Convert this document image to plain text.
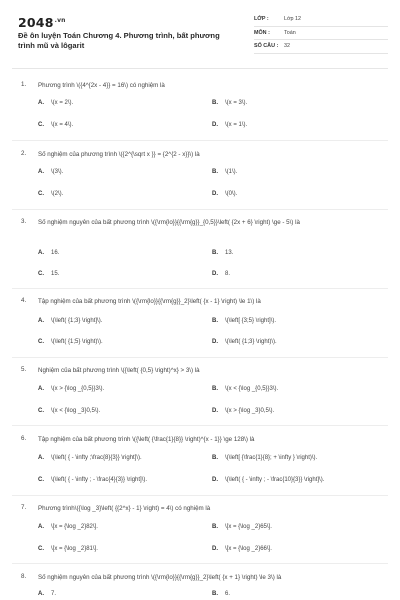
$2048^{.vn}$
Đề ôn luyện Toán Chương 4. Phương trình, bất phương trình mũ và lôgarit
LỚP :	Lớp 12
MÔN :	Toán
SỐ CÂU : 32
1. Phương trình \({4^{2x - 4}} = 16\) có nghiệm là
A. \(x = 2\).	B. \(x = 3\).
C. \(x = 4\).	D. \(x = 1\).
2. Số nghiệm của phương trình \({2^{\sqrt x }} = {2^{2 - x}}\) là
A. \(3\).	B. \(1\).
C. \(2\).	D. \(0\).
3. Số nghiệm nguyên của bất phương trình \({\rm{lo}}{{\rm{g}}_{0,5}}\left( {2x + 6} \right) \ge - 5\) là
A. 16.	B. 13.
C. 15.	D. 8.
4. Tập nghiệm của bất phương trình \({\rm{lo}}{{\rm{g}}_2}\left( {x - 1} \right) \le 1\) là
A. \(\left( {1;3} \right]\).	B. \(\left[ {3;5} \right]\).
C. \(\left( {1;5} \right)\).	D. \(\left( {1;3} \right)\).
5. Nghiệm của bất phương trình \({\left( {0,5} \right)^x} > 3\) là
A. \(x > {\log _{0,5}}3\).	B. \(x < {\log _{0,5}}3\).
C. \(x < {\log _3}0,5\).	D. \(x > {\log _3}0,5\).
6. Tập nghiệm của bất phương trình \({\left( {\frac{1}{8}} \right)^{x - 1}} \ge 128\) là
A. \(\left( { - \infty ;\frac{8}{3}} \right]\).	B. \(\left[ {\frac{1}{8}; + \infty } \right)\).
C. \(\left( { - \infty ; - \frac{4}{3}} \right]\).	D. \(\left( { - \infty ; - \frac{10}{3}} \right]\).
7. Phương trình\({\log _3}\left( {{2^x} - 1} \right) = 4\) có nghiệm là
A. \[x = {\log _2}82\].	B. \[x = {\log _2}65\].
C. \[x = {\log _2}81\].	D. \[x = {\log _2}66\].
8. Số nghiệm nguyên của bất phương trình \({\rm{lo}}{{\rm{g}}_2}\left( {x + 1} \right) \le 3\) là
A. 7.	B. 6.
